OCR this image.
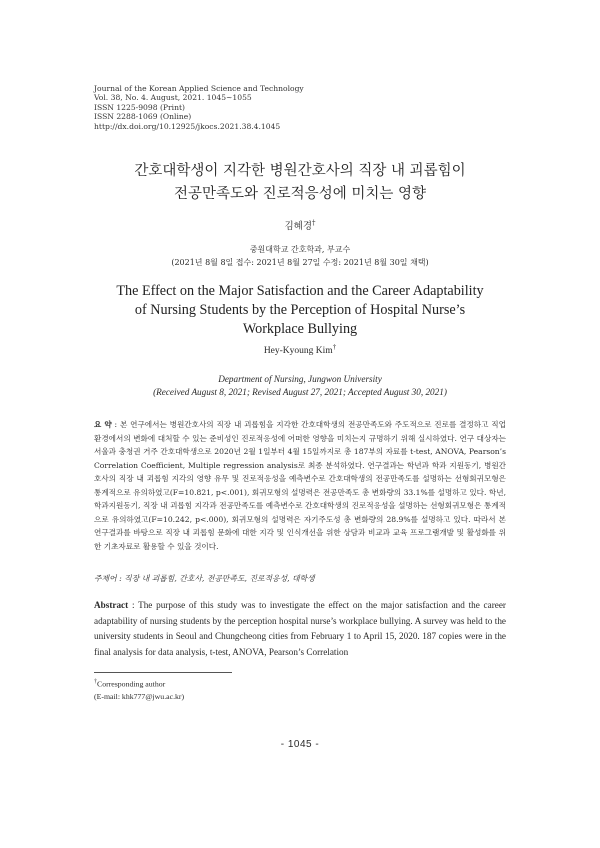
Journal of the Korean Applied Science and Technology
Vol. 38, No. 4. August, 2021. 1045~1055
ISSN 1225-9098 (Print)
ISSN 2288-1069 (Online)
http://dx.doi.org/10.12925/jkocs.2021.38.4.1045
간호대학생이 지각한 병원간호사의 직장 내 괴롭힘이
전공만족도와 진로적응성에 미치는 영향
김혜경†
중원대학교 간호학과, 부교수
(2021년 8월 8일 접수: 2021년 8월 27일 수정: 2021년 8월 30일 채택)
The Effect on the Major Satisfaction and the Career Adaptability
of Nursing Students by the Perception of Hospital Nurse’s
Workplace Bullying
Hey-Kyoung Kim†
Department of Nursing, Jungwon University
(Received August 8, 2021; Revised August 27, 2021; Accepted August 30, 2021)
요 약 : 본 연구에서는 병원간호사의 직장 내 괴롭힘을 지각한 간호대학생의 전공만족도와 주도적으로 진로를 결정하고 직업환경에서의 변화에 대처할 수 있는 준비성인 진로적응성에 어떠한 영향을 미치는지 규명하기 위해 실시하였다. 연구 대상자는 서울과 충청권 거주 간호대학생으로 2020년 2월 1일부터 4월 15일까지로 총 187부의 자료를 t-test, ANOVA, Pearson’s Correlation Coefficient, Multiple regression analysis로 최종 분석하였다. 연구결과는 학년과 학과 지원동기, 병원간호사의 직장 내 괴롭힘 지각의 영향 유무 및 진로적응성을 예측변수로 간호대학생의 전공만족도를 설명하는 선형회귀모형은 통계적으로 유의하였고(F=10.821, p<.001), 회귀모형의 설명력은 전공만족도 총 변화량의 33.1%를 설명하고 있다. 학년, 학과지원동기, 직장 내 괴롭힘 지각과 전공만족도를 예측변수로 간호대학생의 진로적응성을 설명하는 선형회귀모형은 통계적으로 유의하였고(F=10.242, p<.000), 회귀모형의 설명력은 자기주도성 총 변화량의 28.9%를 설명하고 있다. 따라서 본 연구결과를 바탕으로 직장 내 괴롭힘 문화에 대한 지각 및 인식개선을 위한 상담과 비교과 교육 프로그램개발 및 활성화를 위한 기초자료로 활용할 수 있을 것이다.
주제어 : 직장 내 괴롭힘, 간호사, 전공만족도, 진로적응성, 대학생
Abstract : The purpose of this study was to investigate the effect on the major satisfaction and the career adaptability of nursing students by the perception hospital nurse’s workplace bullying. A survey was held to the university students in Seoul and Chungcheong cities from February 1 to April 15, 2020. 187 copies were in the final analysis for data analysis, t-test, ANOVA, Pearson’s Correlation
†Corresponding author
(E-mail: khk777@jwu.ac.kr)
- 1045 -
